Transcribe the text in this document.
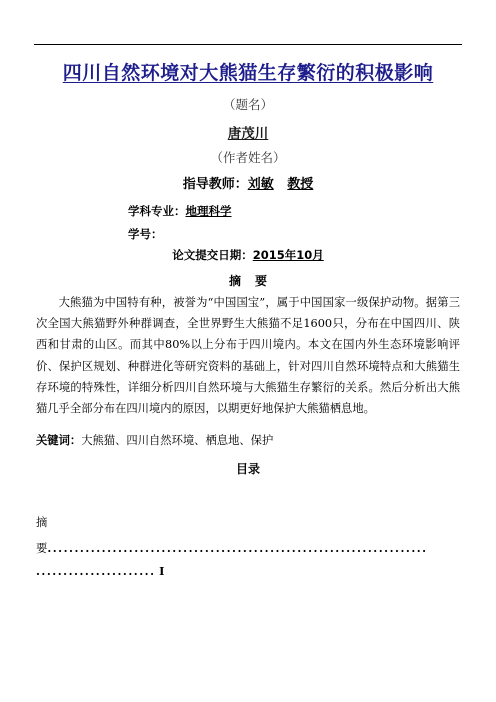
四川自然环境对大熊猫生存繁衍的积极影响
（题名）
唐茂川
（作者姓名）
指导教师：刘敏 教授
学科专业：地理科学
学号：
论文提交日期：2015年10月
摘要
大熊猫为中国特有种，被誉为“中国国宝”，属于中国国家一级保护动物。据第三次全国大熊猫野外种群调查，全世界野生大熊猫不足1600只，分布在中国四川、陕西和甘肃的山区。而其中80%以上分布于四川境内。本文在国内外生态环境影响评价、保护区规划、种群进化等研究资料的基础上，针对四川自然环境特点和大熊猫生存环境的特殊性，详细分析四川自然环境与大熊猫生存繁衍的关系。然后分析出大熊猫几乎全部分布在四川境内的原因，以期更好地保护大熊猫栖息地。
关键词：大熊猫、四川自然环境、栖息地、保护
目录
摘
要......................................................................
...................... I
